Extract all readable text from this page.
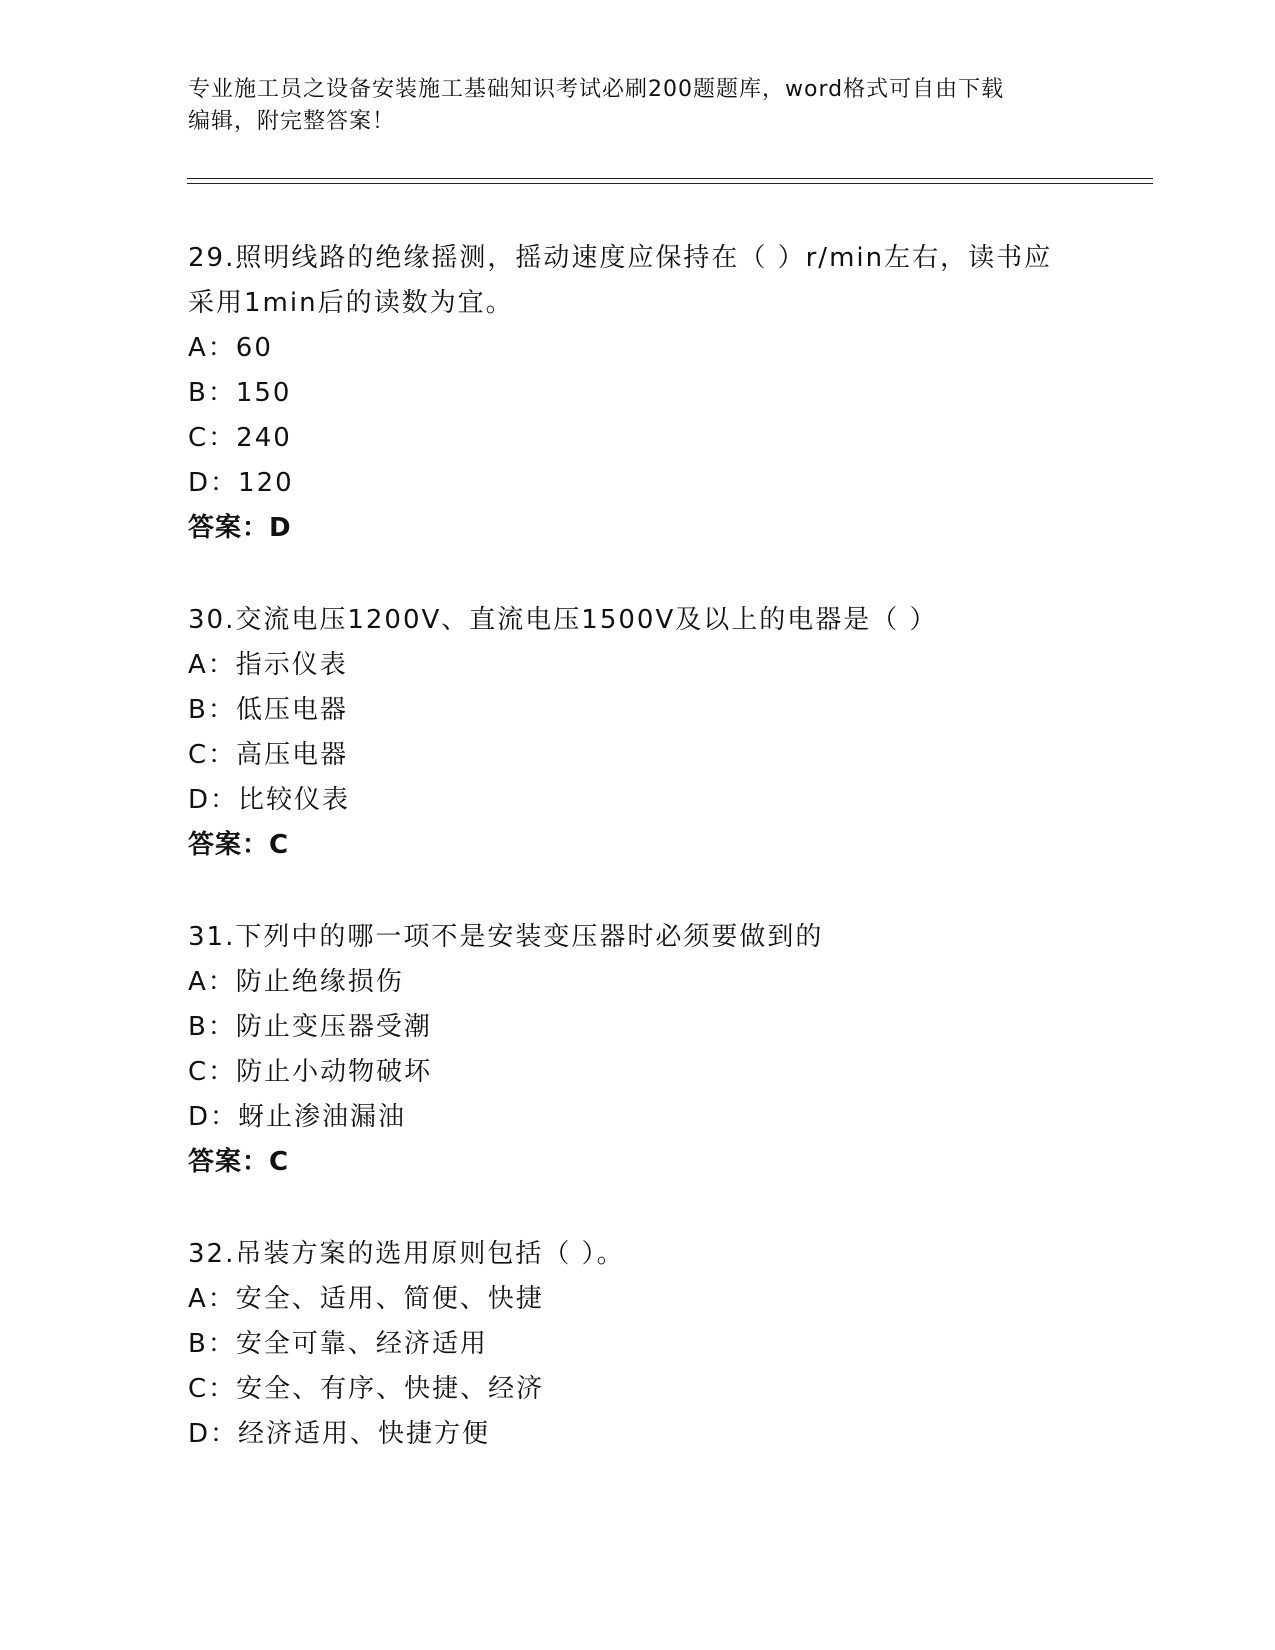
专业施工员之设备安装施工基础知识考试必刷200题题库，word格式可自由下载
编辑，附完整答案！
29.照明线路的绝缘摇测，摇动速度应保持在（ ）r/min左右，读书应
采用1min后的读数为宜。
A：60
B：150
C：240
D：120
答案：D
30.交流电压1200V、直流电压1500V及以上的电器是（ ）
A：指示仪表
B：低压电器
C：高压电器
D：比较仪表
答案：C
31.下列中的哪一项不是安装变压器时必须要做到的
A：防止绝缘损伤
B：防止变压器受潮
C：防止小动物破坏
D：蚜止渗油漏油
答案：C
32.吊装方案的选用原则包括（ ）。
A：安全、适用、简便、快捷
B：安全可靠、经济适用
C：安全、有序、快捷、经济
D：经济适用、快捷方便
